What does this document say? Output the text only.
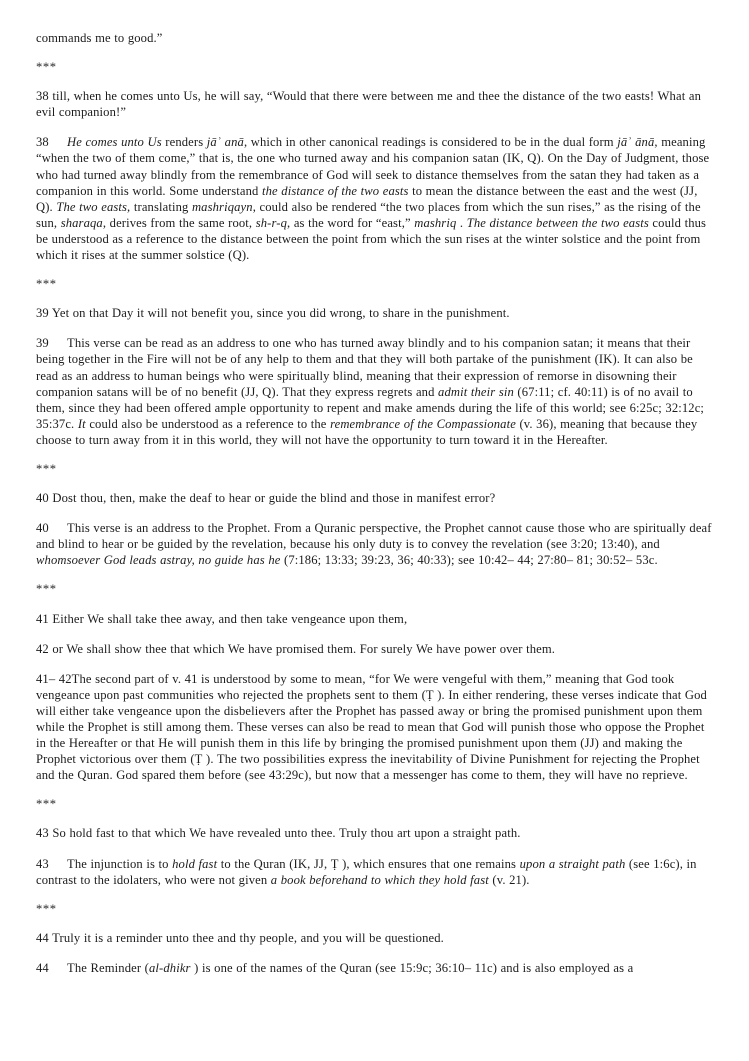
commands me to good.”

***

38 till, when he comes unto Us, he will say, “Would that there were between me and thee the distance of the two easts! What an evil companion!”

38 He comes unto Us renders jāʾ anā, which in other canonical readings is considered to be in the dual form jāʾ ānā, meaning “when the two of them come,” that is, the one who turned away and his companion satan (IK, Q). On the Day of Judgment, those who had turned away blindly from the remembrance of God will seek to distance themselves from the satan they had taken as a companion in this world. Some understand the distance of the two easts to mean the distance between the east and the west (JJ, Q). The two easts, translating mashriqayn, could also be rendered “the two places from which the sun rises,” as the rising of the sun, sharaqa, derives from the same root, sh-r-q, as the word for “east,” mashriq . The distance between the two easts could thus be understood as a reference to the distance between the point from which the sun rises at the winter solstice and the point from which it rises at the summer solstice (Q).

***

39 Yet on that Day it will not benefit you, since you did wrong, to share in the punishment.

39 This verse can be read as an address to one who has turned away blindly and to his companion satan; it means that their being together in the Fire will not be of any help to them and that they will both partake of the punishment (IK). It can also be read as an address to human beings who were spiritually blind, meaning that their expression of remorse in disowning their companion satans will be of no benefit (JJ, Q). That they express regrets and admit their sin (67:11; cf. 40:11) is of no avail to them, since they had been offered ample opportunity to repent and make amends during the life of this world; see 6:25c; 32:12c; 35:37c. It could also be understood as a reference to the remembrance of the Compassionate (v. 36), meaning that because they choose to turn away from it in this world, they will not have the opportunity to turn toward it in the Hereafter.

***

40 Dost thou, then, make the deaf to hear or guide the blind and those in manifest error?

40 This verse is an address to the Prophet. From a Quranic perspective, the Prophet cannot cause those who are spiritually deaf and blind to hear or be guided by the revelation, because his only duty is to convey the revelation (see 3:20; 13:40), and whomsoever God leads astray, no guide has he (7:186; 13:33; 39:23, 36; 40:33); see 10:42– 44; 27:80– 81; 30:52– 53c.

***

41 Either We shall take thee away, and then take vengeance upon them,

42 or We shall show thee that which We have promised them. For surely We have power over them.

41– 42The second part of v. 41 is understood by some to mean, “for We were vengeful with them,” meaning that God took vengeance upon past communities who rejected the prophets sent to them (Ṭ ). In either rendering, these verses indicate that God will either take vengeance upon the disbelievers after the Prophet has passed away or bring the promised punishment upon them while the Prophet is still among them. These verses can also be read to mean that God will punish those who oppose the Prophet in the Hereafter or that He will punish them in this life by bringing the promised punishment upon them (JJ) and making the Prophet victorious over them (Ṭ ). The two possibilities express the inevitability of Divine Punishment for rejecting the Prophet and the Quran. God spared them before (see 43:29c), but now that a messenger has come to them, they will have no reprieve.

***

43 So hold fast to that which We have revealed unto thee. Truly thou art upon a straight path.

43 The injunction is to hold fast to the Quran (IK, JJ, Ṭ ), which ensures that one remains upon a straight path (see 1:6c), in contrast to the idolaters, who were not given a book beforehand to which they hold fast (v. 21).

***

44 Truly it is a reminder unto thee and thy people, and you will be questioned.

44 The Reminder (al-dhikr ) is one of the names of the Quran (see 15:9c; 36:10– 11c) and is also employed as a
